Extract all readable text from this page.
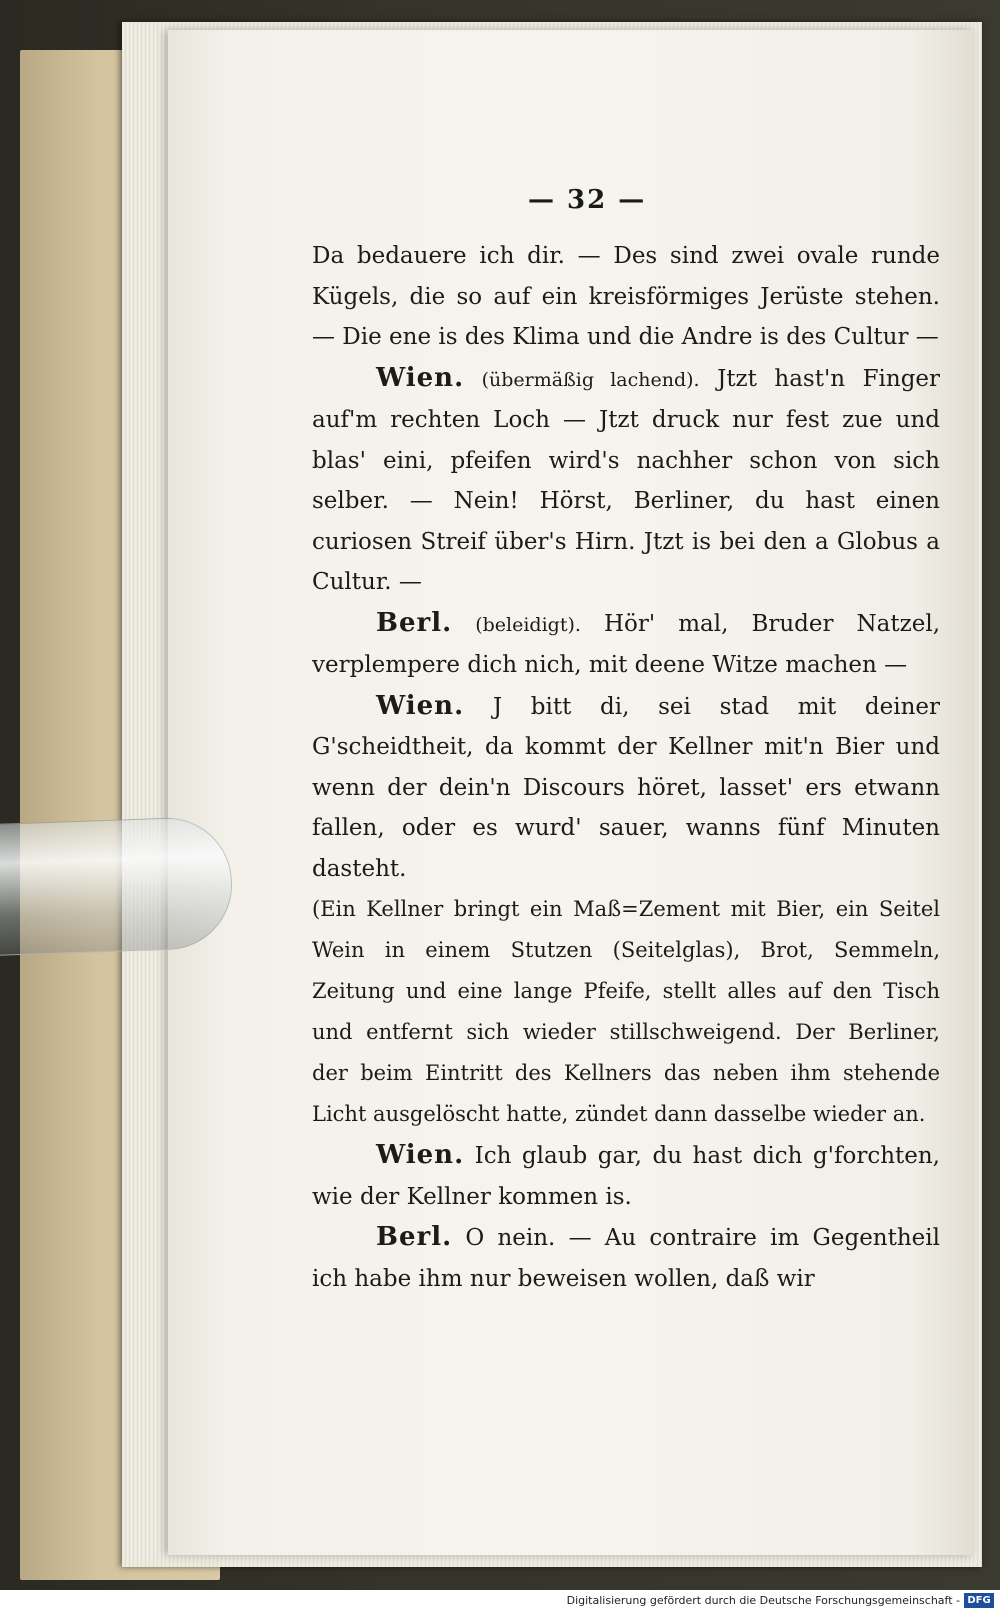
— 32 —

Da bedauere ich dir. — Des sind zwei ovale runde Kügels, die so auf ein kreisförmiges Jerüste stehen. — Die ene is des Klima und die Andre is des Cultur —

Wien. (übermäßig lachend). Jtzt hast'n Finger auf'm rechten Loch — Jtzt druck nur fest zue und blas' eini, pfeifen wird's nachher schon von sich selber. — Nein! Hörst, Berliner, du hast einen curiosen Streif über's Hirn. Jtzt is bei den a Globus a Cultur. —

Berl. (beleidigt). Hör' mal, Bruder Natzel, verplempere dich nich, mit deene Witze machen —

Wien. J bitt di, sei stad mit deiner G'scheidtheit, da kommt der Kellner mit'n Bier und wenn der dein'n Discours höret, lasset' ers etwann fallen, oder es wurd' sauer, wanns fünf Minuten dasteht.

(Ein Kellner bringt ein Maß=Zement mit Bier, ein Seitel Wein in einem Stutzen (Seitelglas), Brot, Semmeln, Zeitung und eine lange Pfeife, stellt alles auf den Tisch und entfernt sich wieder stillschweigend. Der Berliner, der beim Eintritt des Kellners das neben ihm stehende Licht ausgelöscht hatte, zündet dann dasselbe wieder an.

Wien. Ich glaub gar, du hast dich g'forchten, wie der Kellner kommen is.

Berl. O nein. — Au contraire im Gegentheil ich habe ihm nur beweisen wollen, daß wir

Digitalisierung gefördert durch die Deutsche Forschungsgemeinschaft - DFG
